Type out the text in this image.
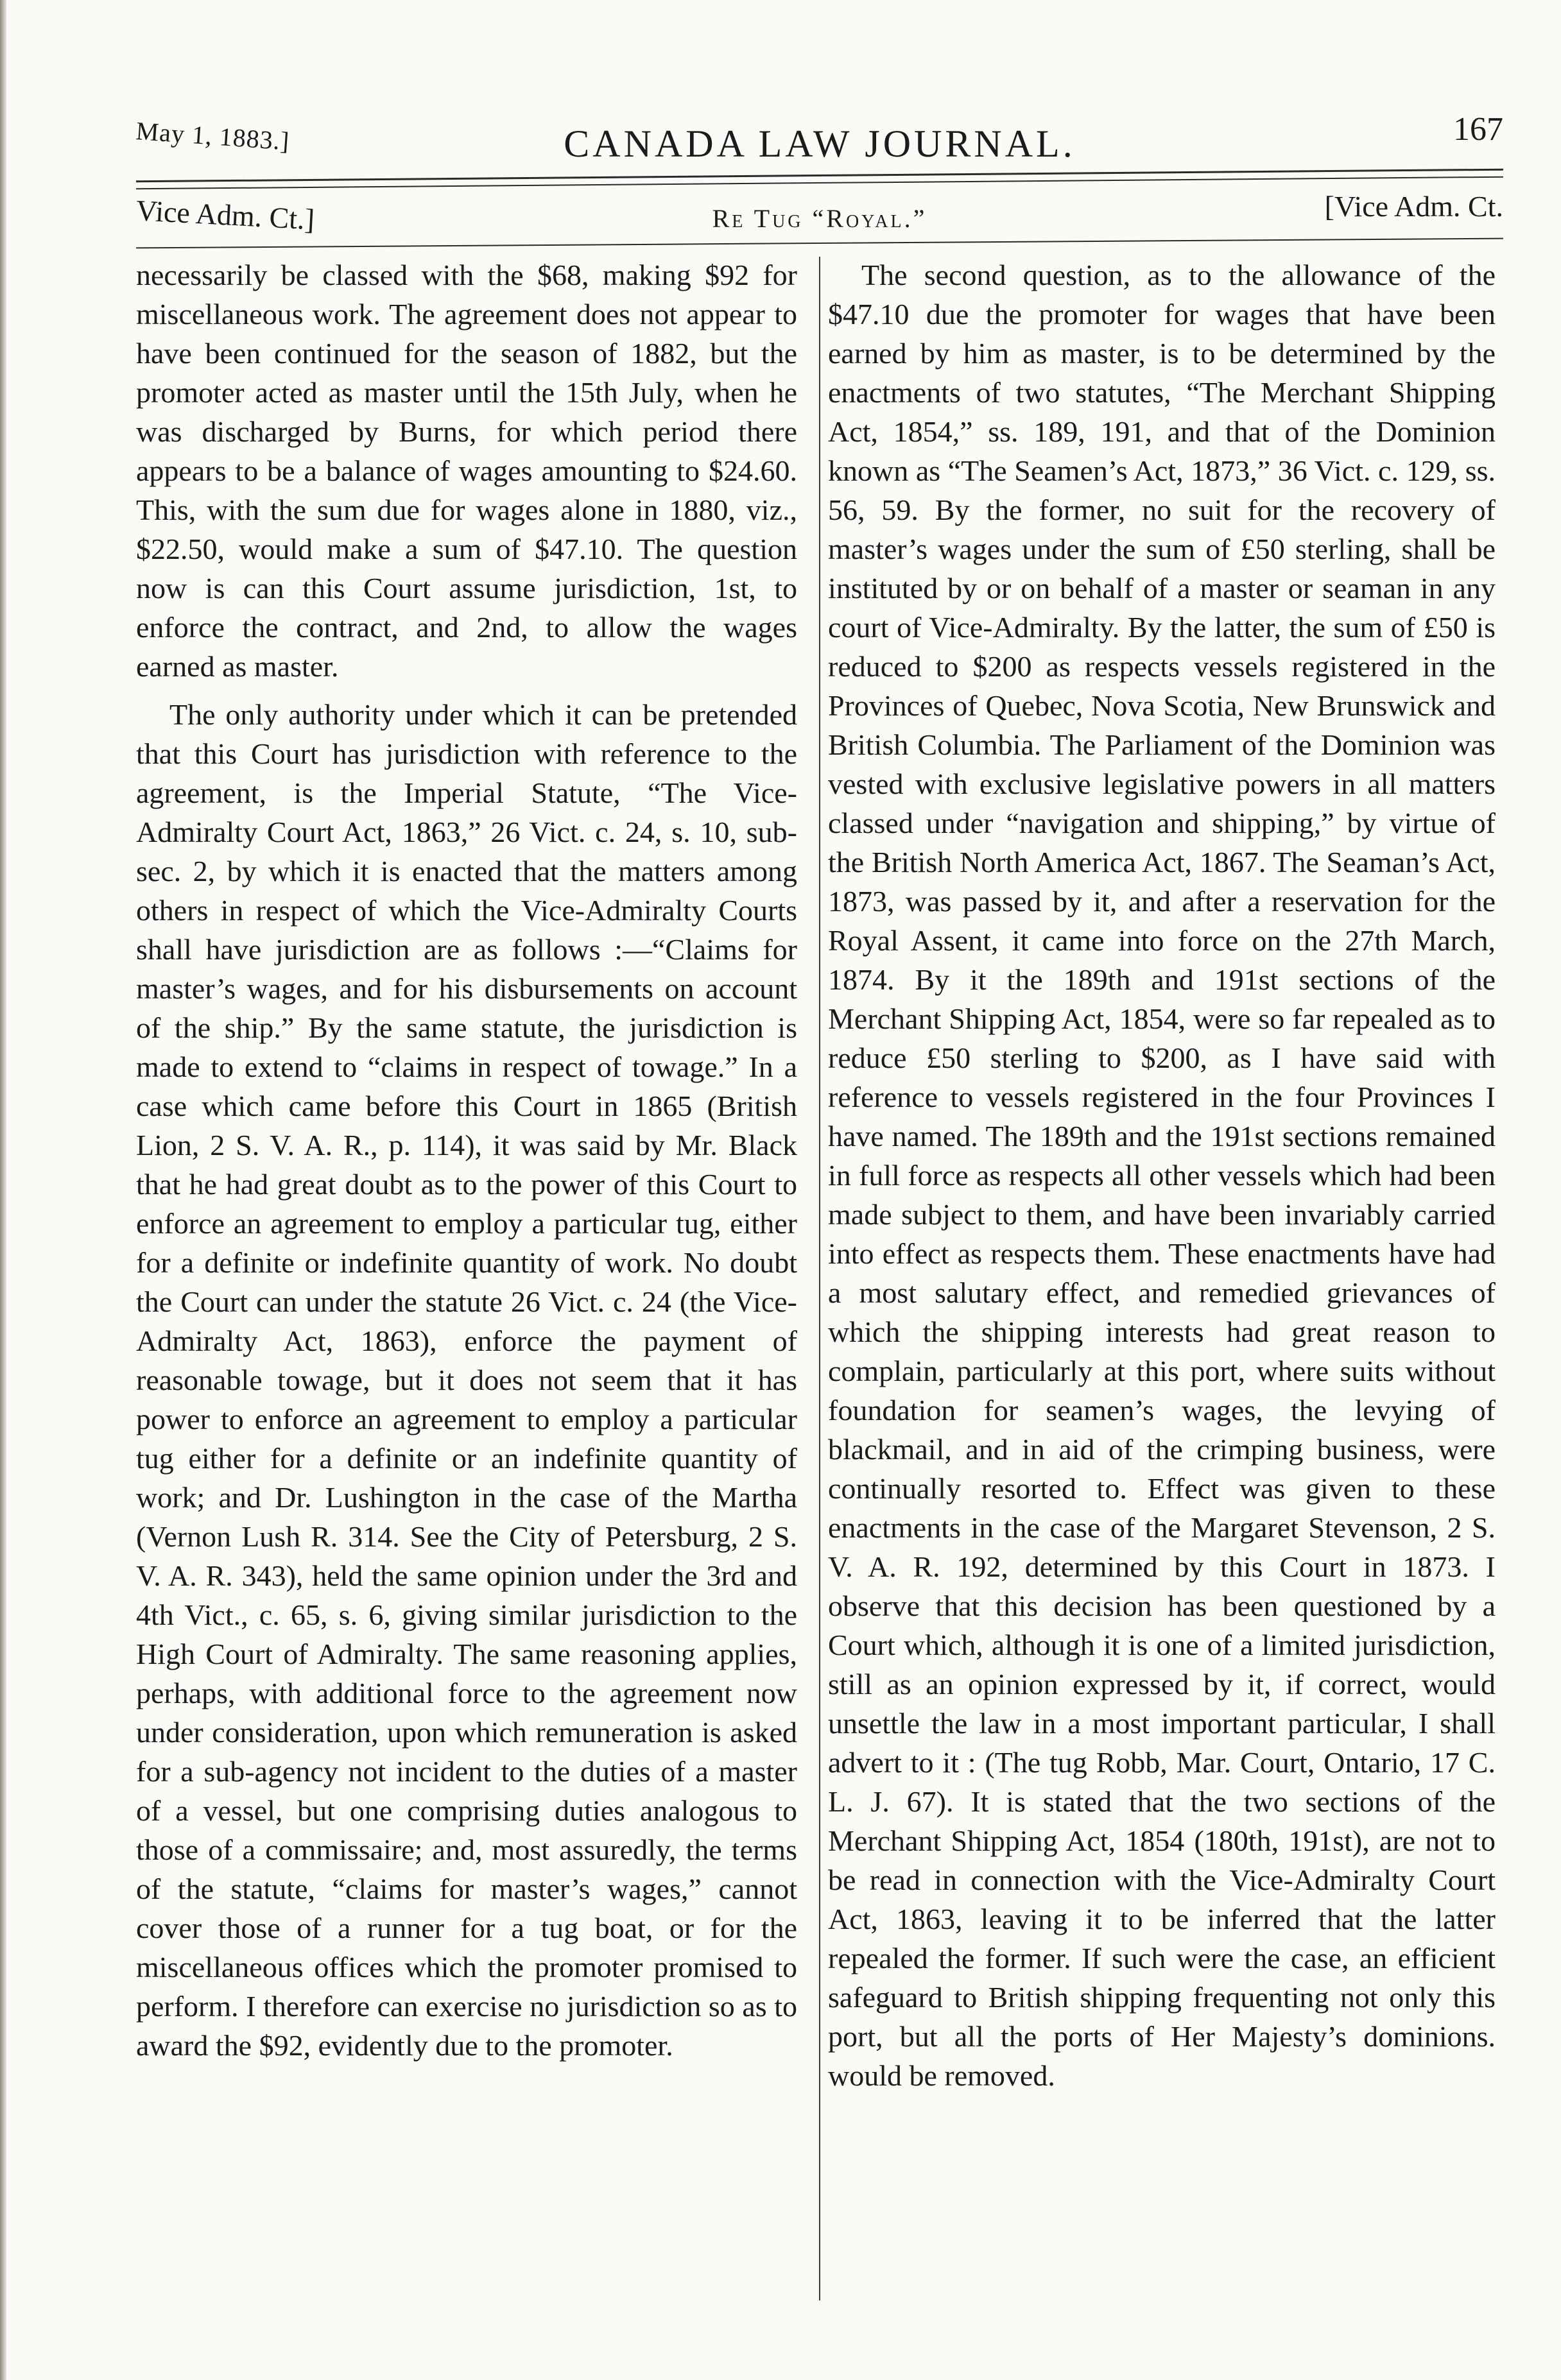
May 1, 1883.]	CANADA LAW JOURNAL.	167
Vice Adm. Ct.]	Re Tug “Royal.”	[Vice Adm. Ct.

necessarily be classed with the $68, making $92 for miscellaneous work. The agreement does not appear to have been continued for the season of 1882, but the promoter acted as master until the 15th July, when he was discharged by Burns, for which period there appears to be a balance of wages amounting to $24.60. This, with the sum due for wages alone in 1880, viz., $22.50, would make a sum of $47.10. The question now is can this Court assume jurisdiction, 1st, to enforce the contract, and 2nd, to allow the wages earned as master.

The only authority under which it can be pretended that this Court has jurisdiction with reference to the agreement, is the Imperial Statute, “The Vice-Admiralty Court Act, 1863,” 26 Vict. c. 24, s. 10, sub-sec. 2, by which it is enacted that the matters among others in respect of which the Vice-Admiralty Courts shall have jurisdiction are as follows :—“Claims for master’s wages, and for his disbursements on account of the ship.” By the same statute, the jurisdiction is made to extend to “claims in respect of towage.” In a case which came before this Court in 1865 (British Lion, 2 S. V. A. R., p. 114), it was said by Mr. Black that he had great doubt as to the power of this Court to enforce an agreement to employ a particular tug, either for a definite or indefinite quantity of work. No doubt the Court can under the statute 26 Vict. c. 24 (the Vice-Admiralty Act, 1863), enforce the payment of reasonable towage, but it does not seem that it has power to enforce an agreement to employ a particular tug either for a definite or an indefinite quantity of work; and Dr. Lushington in the case of the Martha (Vernon Lush R. 314. See the City of Petersburg, 2 S. V. A. R. 343), held the same opinion under the 3rd and 4th Vict., c. 65, s. 6, giving similar jurisdiction to the High Court of Admiralty. The same reasoning applies, perhaps, with additional force to the agreement now under consideration, upon which remuneration is asked for a sub-agency not incident to the duties of a master of a vessel, but one comprising duties analogous to those of a commissaire; and, most assuredly, the terms of the statute, “claims for master’s wages,” cannot cover those of a runner for a tug boat, or for the miscellaneous offices which the promoter promised to perform. I therefore can exercise no jurisdiction so as to award the $92, evidently due to the promoter.

The second question, as to the allowance of the $47.10 due the promoter for wages that have been earned by him as master, is to be determined by the enactments of two statutes, “The Merchant Shipping Act, 1854,” ss. 189, 191, and that of the Dominion known as “The Seamen’s Act, 1873,” 36 Vict. c. 129, ss. 56, 59. By the former, no suit for the recovery of master’s wages under the sum of £50 sterling, shall be instituted by or on behalf of a master or seaman in any court of Vice-Admiralty. By the latter, the sum of £50 is reduced to $200 as respects vessels registered in the Provinces of Quebec, Nova Scotia, New Brunswick and British Columbia. The Parliament of the Dominion was vested with exclusive legislative powers in all matters classed under “navigation and shipping,” by virtue of the British North America Act, 1867. The Seaman’s Act, 1873, was passed by it, and after a reservation for the Royal Assent, it came into force on the 27th March, 1874. By it the 189th and 191st sections of the Merchant Shipping Act, 1854, were so far repealed as to reduce £50 sterling to $200, as I have said with reference to vessels registered in the four Provinces I have named. The 189th and the 191st sections remained in full force as respects all other vessels which had been made subject to them, and have been invariably carried into effect as respects them. These enactments have had a most salutary effect, and remedied grievances of which the shipping interests had great reason to complain, particularly at this port, where suits without foundation for seamen’s wages, the levying of blackmail, and in aid of the crimping business, were continually resorted to. Effect was given to these enactments in the case of the Margaret Stevenson, 2 S. V. A. R. 192, determined by this Court in 1873. I observe that this decision has been questioned by a Court which, although it is one of a limited jurisdiction, still as an opinion expressed by it, if correct, would unsettle the law in a most important particular, I shall advert to it : (The tug Robb, Mar. Court, Ontario, 17 C. L. J. 67). It is stated that the two sections of the Merchant Shipping Act, 1854 (180th, 191st), are not to be read in connection with the Vice-Admiralty Court Act, 1863, leaving it to be inferred that the latter repealed the former. If such were the case, an efficient safeguard to British shipping frequenting not only this port, but all the ports of Her Majesty’s dominions. would be removed.
